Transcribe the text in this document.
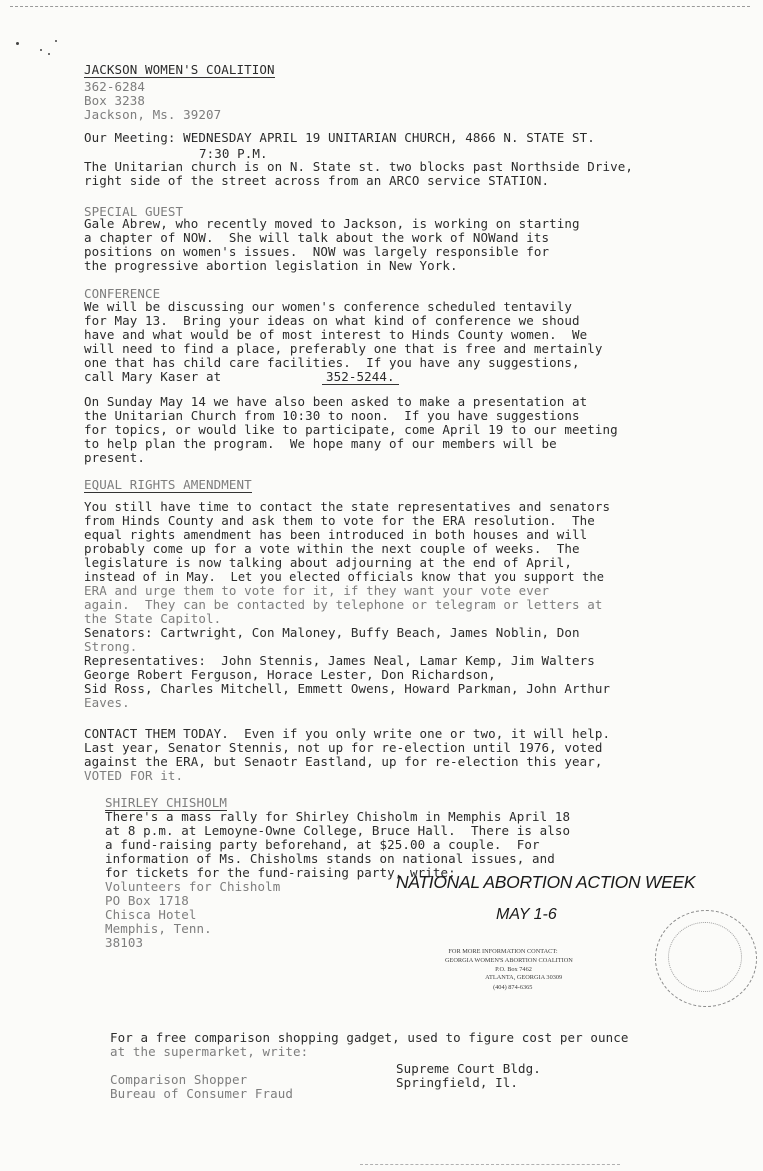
JACKSON WOMEN'S COALITION
362-6284
Box 3238
Jackson, Ms. 39207
Our Meeting: WEDNESDAY APRIL 19 UNITARIAN CHURCH, 4866 N. STATE ST.
7:30 P.M.
The Unitarian church is on N. State st. two blocks past Northside Drive,
right side of the street across from an ARCO service STATION.
SPECIAL GUEST
Gale Abrew, who recently moved to Jackson, is working on starting
a chapter of NOW.  She will talk about the work of NOWand its
positions on women's issues.  NOW was largely responsible for
the progressive abortion legislation in New York.
CONFERENCE
We will be discussing our women's conference scheduled tentavily
for May 13.  Bring your ideas on what kind of conference we shoud
have and what would be of most interest to Hinds County women.  We
will need to find a place, preferably one that is free and mertainly
one that has child care facilities.  If you have any suggestions,
call Mary Kaser at	352-5244.
On Sunday May 14 we have also been asked to make a presentation at
the Unitarian Church from 10:30 to noon.  If you have suggestions
for topics, or would like to participate, come April 19 to our meeting
to help plan the program.  We hope many of our members will be
present.
EQUAL RIGHTS AMENDMENT
You still have time to contact the state representatives and senators
from Hinds County and ask them to vote for the ERA resolution.  The
equal rights amendment has been introduced in both houses and will
probably come up for a vote within the next couple of weeks.  The
legislature is now talking about adjourning at the end of April,
instead of in May.  Let you elected officials know that you support the
ERA and urge them to vote for it, if they want your vote ever
again.  They can be contacted by telephone or telegram or letters at
the State Capitol.
Senators: Cartwright, Con Maloney, Buffy Beach, James Noblin, Don
Strong.
Representatives:  John Stennis, James Neal, Lamar Kemp, Jim Walters
George Robert Ferguson, Horace Lester, Don Richardson,
Sid Ross, Charles Mitchell, Emmett Owens, Howard Parkman, John Arthur
Eaves.
CONTACT THEM TODAY.  Even if you only write one or two, it will help.
Last year, Senator Stennis, not up for re-election until 1976, voted
against the ERA, but Senaotr Eastland, up for re-election this year,
VOTED FOR it.
SHIRLEY CHISHOLM
There's a mass rally for Shirley Chisholm in Memphis April 18
at 8 p.m. at Lemoyne-Owne College, Bruce Hall.  There is also
a fund-raising party beforehand, at $25.00 a couple.  For
information of Ms. Chisholms stands on national issues, and
for tickets for the fund-raising party, write:
Volunteers for Chisholm
PO Box 1718
Chisca Hotel
Memphis, Tenn.
38103
NATIONAL ABORTION ACTION WEEK
MAY 1-6
FOR MORE INFORMATION CONTACT:
GEORGIA WOMEN'S ABORTION COALITION
P.O. Box 7462
ATLANTA, GEORGIA 30309
(404) 874-6365
For a free comparison shopping gadget, used to figure cost per ounce
at the supermarket, write:
Comparison Shopper
Bureau of Consumer Fraud
Supreme Court Bldg.
Springfield, Il.
